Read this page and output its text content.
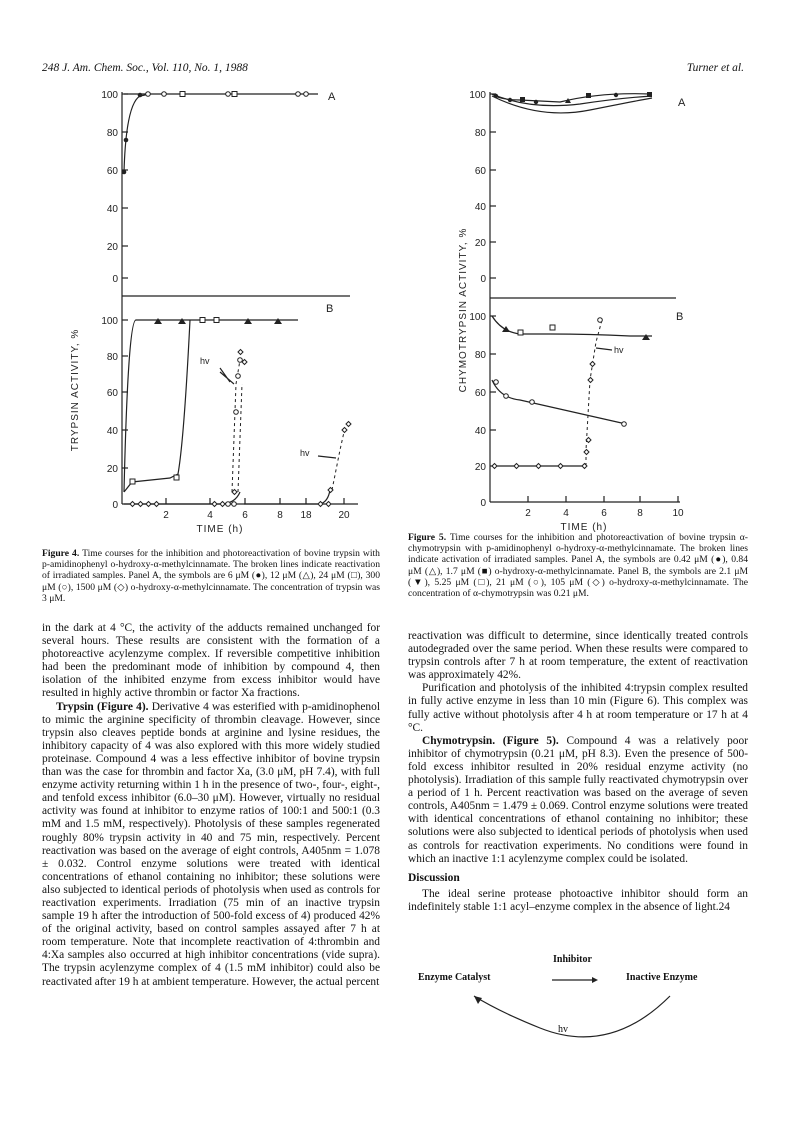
248 J. Am. Chem. Soc., Vol. 110, No. 1, 1988	Turner et al.
100
80
60
40
20
0
100
80
60
40
20
0
2	4	6	8 18	20
TIME (h)
TRYPSIN ACTIVITY, %
A
B
hv
hv
100
80
60
40
20
0
100
80
60
40
20
0
2	4	6	8	10
TIME (h)
CHYMOTRYPSIN ACTIVITY, %
A
B
hv
Figure 4. Time courses for the inhibition and photoreactivation of bovine trypsin with p-amidinophenyl o-hydroxy-α-methylcinnamate. The broken lines indicate reactivation of irradiated samples. Panel A, the symbols are 6 μM (●), 12 μM (△), 24 μM (□), 300 μM (○), 1500 μM (◇) o-hydroxy-α-methylcinnamate. The concentration of trypsin was 3 μM.
Figure 5. Time courses for the inhibition and photoreactivation of bovine trypsin α-chymotrypsin with p-amidinophenyl o-hydroxy-α-methylcinnamate. The broken lines indicate activation of irradiated samples. Panel A, the symbols are 0.42 μM (●), 0.84 μM (△), 1.7 μM (■) o-hydroxy-α-methylcinnamate. Panel B, the symbols are 2.1 μM (▼), 5.25 μM (□), 21 μM (○), 105 μM (◇) o-hydroxy-α-methylcinnamate. The concentration of α-chymotrypsin was 0.21 μM.

in the dark at 4 °C, the activity of the adducts remained unchanged for several hours. These results are consistent with the formation of a photoreactive acylenzyme complex. If reversible competitive inhibition had been the predominant mode of inhibition by compound 4, then isolation of the inhibited enzyme from excess inhibitor would have resulted in highly active thrombin or factor Xa fractions.

Trypsin (Figure 4). Derivative 4 was esterified with p-amidinophenol to mimic the arginine specificity of thrombin cleavage. However, since trypsin also cleaves peptide bonds at arginine and lysine residues, the inhibitory capacity of 4 was also explored with this more widely studied proteinase. Compound 4 was a less effective inhibitor of bovine trypsin than was the case for thrombin and factor Xa, (3.0 μM, pH 7.4), with full enzyme activity returning within 1 h in the presence of two-, four-, eight-, and tenfold excess inhibitor (6.0–30 μM). However, virtually no residual activity was found at inhibitor to enzyme ratios of 100:1 and 500:1 (0.3 mM and 1.5 mM, respectively). Photolysis of these samples regenerated roughly 80% trypsin activity in 40 and 75 min, respectively. Percent reactivation was based on the average of eight controls, A405nm = 1.078 ± 0.032. Control enzyme solutions were treated with identical concentrations of ethanol containing no inhibitor; these solutions were also subjected to identical periods of photolysis when used as controls for reactivation experiments. Irradiation (75 min of an inactive trypsin sample 19 h after the introduction of 500-fold excess of 4) produced 42% of the original activity, based on control samples assayed after 7 h at room temperature. Note that incomplete reactivation of 4:thrombin and 4:Xa samples also occurred at high inhibitor concentrations (vide supra). The trypsin acylenzyme complex of 4 (1.5 mM inhibitor) could also be reactivated after 19 h at ambient temperature. However, the actual percent

reactivation was difficult to determine, since identically treated controls autodegraded over the same period. When these results were compared to trypsin controls after 7 h at room temperature, the extent of reactivation was approximately 42%.

Purification and photolysis of the inhibited 4:trypsin complex resulted in fully active enzyme in less than 10 min (Figure 6). This complex was fully active without photolysis after 4 h at room temperature or 17 h at 4 °C.

Chymotrypsin. (Figure 5). Compound 4 was a relatively poor inhibitor of chymotrypsin (0.21 μM, pH 8.3). Even the presence of 500-fold excess inhibitor resulted in 20% residual enzyme activity (no photolysis). Irradiation of this sample fully reactivated chymotrypsin over a period of 1 h. Percent reactivation was based on the average of seven controls, A405nm = 1.479 ± 0.069. Control enzyme solutions were treated with identical concentrations of ethanol containing no inhibitor; these solutions were also subjected to identical periods of photolysis when used as controls for reactivation experiments. No conditions were found in which an inactive 1:1 acylenzyme complex could be isolated.

Discussion

The ideal serine protease photoactive inhibitor should form an indefinitely stable 1:1 acyl–enzyme complex in the absence of light.24

Inhibitor
Enzyme Catalyst	Inactive Enzyme
hv
